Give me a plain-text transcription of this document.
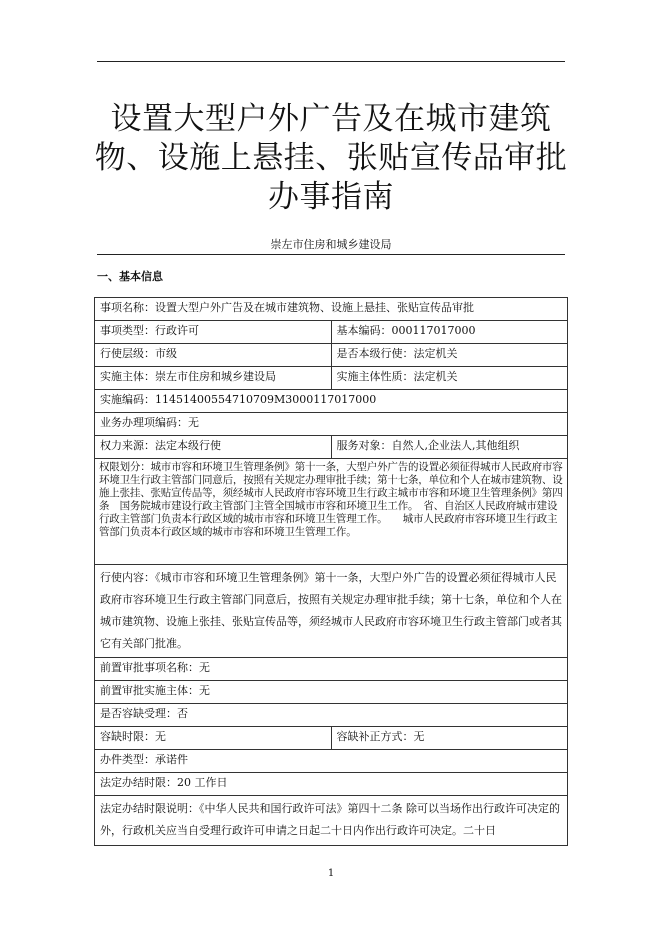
设置大型户外广告及在城市建筑
物、设施上悬挂、张贴宣传品审批
办事指南
崇左市住房和城乡建设局
一、基本信息
事项名称：设置大型户外广告及在城市建筑物、设施上悬挂、张贴宣传品审批	
事项类型：行政许可	基本编码：000117017000
行使层级：市级	是否本级行使：法定机关
实施主体：崇左市住房和城乡建设局	实施主体性质：法定机关
实施编码：11451400554710709M3000117017000	
业务办理项编码：无	
权力来源：法定本级行使	服务对象：自然人,企业法人,其他组织
权限划分：城市市容和环境卫生管理条例》第十一条，大型户外广告的设置必须征得城市人民政府市容环境卫生行政主管部门同意后，按照有关规定办理审批手续；第十七条，单位和个人在城市建筑物、设施上张挂、张贴宣传品等，须经城市人民政府市容环境卫生行政主城市市容和环境卫生管理条例》第四条　国务院城市建设行政主管部门主管全国城市市容和环境卫生工作。　省、自治区人民政府城市建设行政主管部门负责本行政区域的城市市容和环境卫生管理工作。　　城市人民政府市容环境卫生行政主管部门负责本行政区域的城市市容和环境卫生管理工作。	
行使内容：《城市市容和环境卫生管理条例》第十一条，大型户外广告的设置必须征得城市人民政府市容环境卫生行政主管部门同意后，按照有关规定办理审批手续；第十七条，单位和个人在城市建筑物、设施上张挂、张贴宣传品等，须经城市人民政府市容环境卫生行政主管部门或者其它有关部门批准。	
前置审批事项名称：无	
前置审批实施主体：无	
是否容缺受理：否	
容缺时限：无	容缺补正方式：无
办件类型：承诺件	
法定办结时限：20 工作日	
法定办结时限说明：《中华人民共和国行政许可法》第四十二条 除可以当场作出行政许可决定的外，行政机关应当自受理行政许可申请之日起二十日内作出行政许可决定。二十日	
1
